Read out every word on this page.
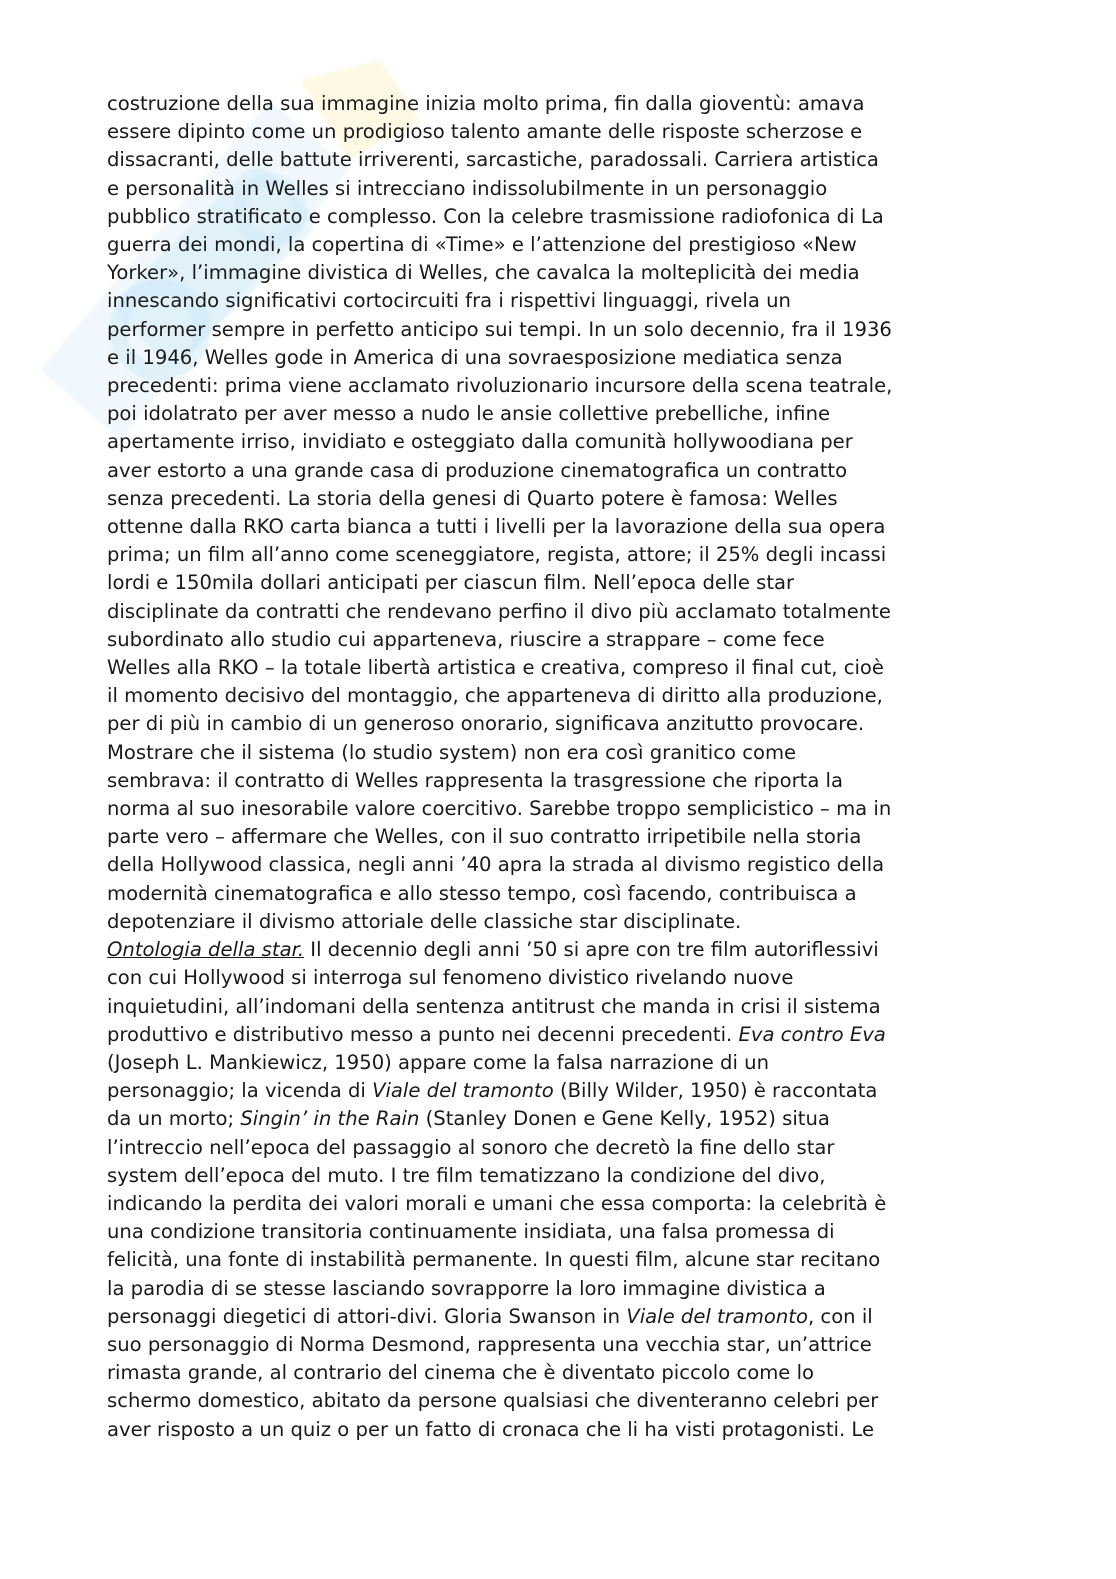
costruzione della sua immagine inizia molto prima, fin dalla gioventù: amava
essere dipinto come un prodigioso talento amante delle risposte scherzose e
dissacranti, delle battute irriverenti, sarcastiche, paradossali. Carriera artistica
e personalità in Welles si intrecciano indissolubilmente in un personaggio
pubblico stratificato e complesso. Con la celebre trasmissione radiofonica di La
guerra dei mondi, la copertina di «Time» e l’attenzione del prestigioso «New
Yorker», l’immagine divistica di Welles, che cavalca la molteplicità dei media
innescando significativi cortocircuiti fra i rispettivi linguaggi, rivela un
performer sempre in perfetto anticipo sui tempi. In un solo decennio, fra il 1936
e il 1946, Welles gode in America di una sovraesposizione mediatica senza
precedenti: prima viene acclamato rivoluzionario incursore della scena teatrale,
poi idolatrato per aver messo a nudo le ansie collettive prebelliche, infine
apertamente irriso, invidiato e osteggiato dalla comunità hollywoodiana per
aver estorto a una grande casa di produzione cinematografica un contratto
senza precedenti. La storia della genesi di Quarto potere è famosa: Welles
ottenne dalla RKO carta bianca a tutti i livelli per la lavorazione della sua opera
prima; un film all’anno come sceneggiatore, regista, attore; il 25% degli incassi
lordi e 150mila dollari anticipati per ciascun film. Nell’epoca delle star
disciplinate da contratti che rendevano perfino il divo più acclamato totalmente
subordinato allo studio cui apparteneva, riuscire a strappare – come fece
Welles alla RKO – la totale libertà artistica e creativa, compreso il final cut, cioè
il momento decisivo del montaggio, che apparteneva di diritto alla produzione,
per di più in cambio di un generoso onorario, significava anzitutto provocare.
Mostrare che il sistema (lo studio system) non era così granitico come
sembrava: il contratto di Welles rappresenta la trasgressione che riporta la
norma al suo inesorabile valore coercitivo. Sarebbe troppo semplicistico – ma in
parte vero – affermare che Welles, con il suo contratto irripetibile nella storia
della Hollywood classica, negli anni ’40 apra la strada al divismo registico della
modernità cinematografica e allo stesso tempo, così facendo, contribuisca a
depotenziare il divismo attoriale delle classiche star disciplinate.
Ontologia della star. Il decennio degli anni ’50 si apre con tre film autoriflessivi
con cui Hollywood si interroga sul fenomeno divistico rivelando nuove
inquietudini, all’indomani della sentenza antitrust che manda in crisi il sistema
produttivo e distributivo messo a punto nei decenni precedenti. Eva contro Eva
(Joseph L. Mankiewicz, 1950) appare come la falsa narrazione di un
personaggio; la vicenda di Viale del tramonto (Billy Wilder, 1950) è raccontata
da un morto; Singin’ in the Rain (Stanley Donen e Gene Kelly, 1952) situa
l’intreccio nell’epoca del passaggio al sonoro che decretò la fine dello star
system dell’epoca del muto. I tre film tematizzano la condizione del divo,
indicando la perdita dei valori morali e umani che essa comporta: la celebrità è
una condizione transitoria continuamente insidiata, una falsa promessa di
felicità, una fonte di instabilità permanente. In questi film, alcune star recitano
la parodia di se stesse lasciando sovrapporre la loro immagine divistica a
personaggi diegetici di attori-divi. Gloria Swanson in Viale del tramonto, con il
suo personaggio di Norma Desmond, rappresenta una vecchia star, un’attrice
rimasta grande, al contrario del cinema che è diventato piccolo come lo
schermo domestico, abitato da persone qualsiasi che diventeranno celebri per
aver risposto a un quiz o per un fatto di cronaca che li ha visti protagonisti. Le
